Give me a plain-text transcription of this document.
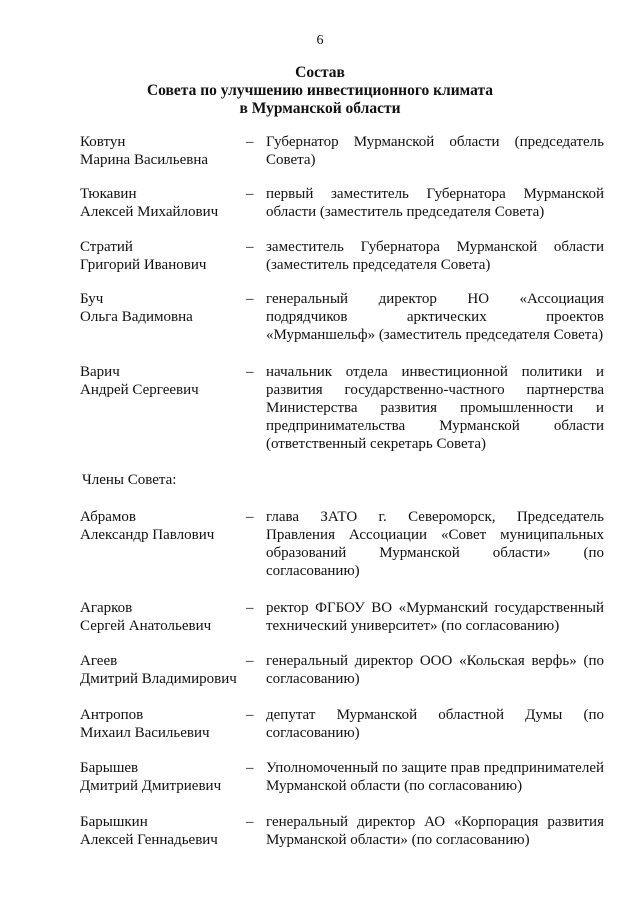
6
Состав
Совета по улучшению инвестиционного климата
в Мурманской области
Ковтун
Марина Васильевна
– Губернатор Мурманской области (председатель Совета)
Тюкавин
Алексей Михайлович
– первый заместитель Губернатора Мурманской области (заместитель председателя Совета)
Стратий
Григорий Иванович
– заместитель Губернатора Мурманской области (заместитель председателя Совета)
Буч
Ольга Вадимовна
– генеральный директор НО «Ассоциация подрядчиков арктических проектов «Мурманшельф» (заместитель председателя Совета)
Варич
Андрей Сергеевич
– начальник отдела инвестиционной политики и развития государственно-частного партнерства Министерства развития промышленности и предпринимательства Мурманской области (ответственный секретарь Совета)
Члены Совета:
Абрамов
Александр Павлович
– глава ЗАТО г. Североморск, Председатель Правления Ассоциации «Совет муниципальных образований Мурманской области» (по согласованию)
Агарков
Сергей Анатольевич
– ректор ФГБОУ ВО «Мурманский государственный технический университет» (по согласованию)
Агеев
Дмитрий Владимирович
– генеральный директор ООО «Кольская верфь» (по согласованию)
Антропов
Михаил Васильевич
– депутат Мурманской областной Думы (по согласованию)
Барышев
Дмитрий Дмитриевич
– Уполномоченный по защите прав предпринимателей Мурманской области (по согласованию)
Барышкин
Алексей Геннадьевич
– генеральный директор АО «Корпорация развития Мурманской области» (по согласованию)
